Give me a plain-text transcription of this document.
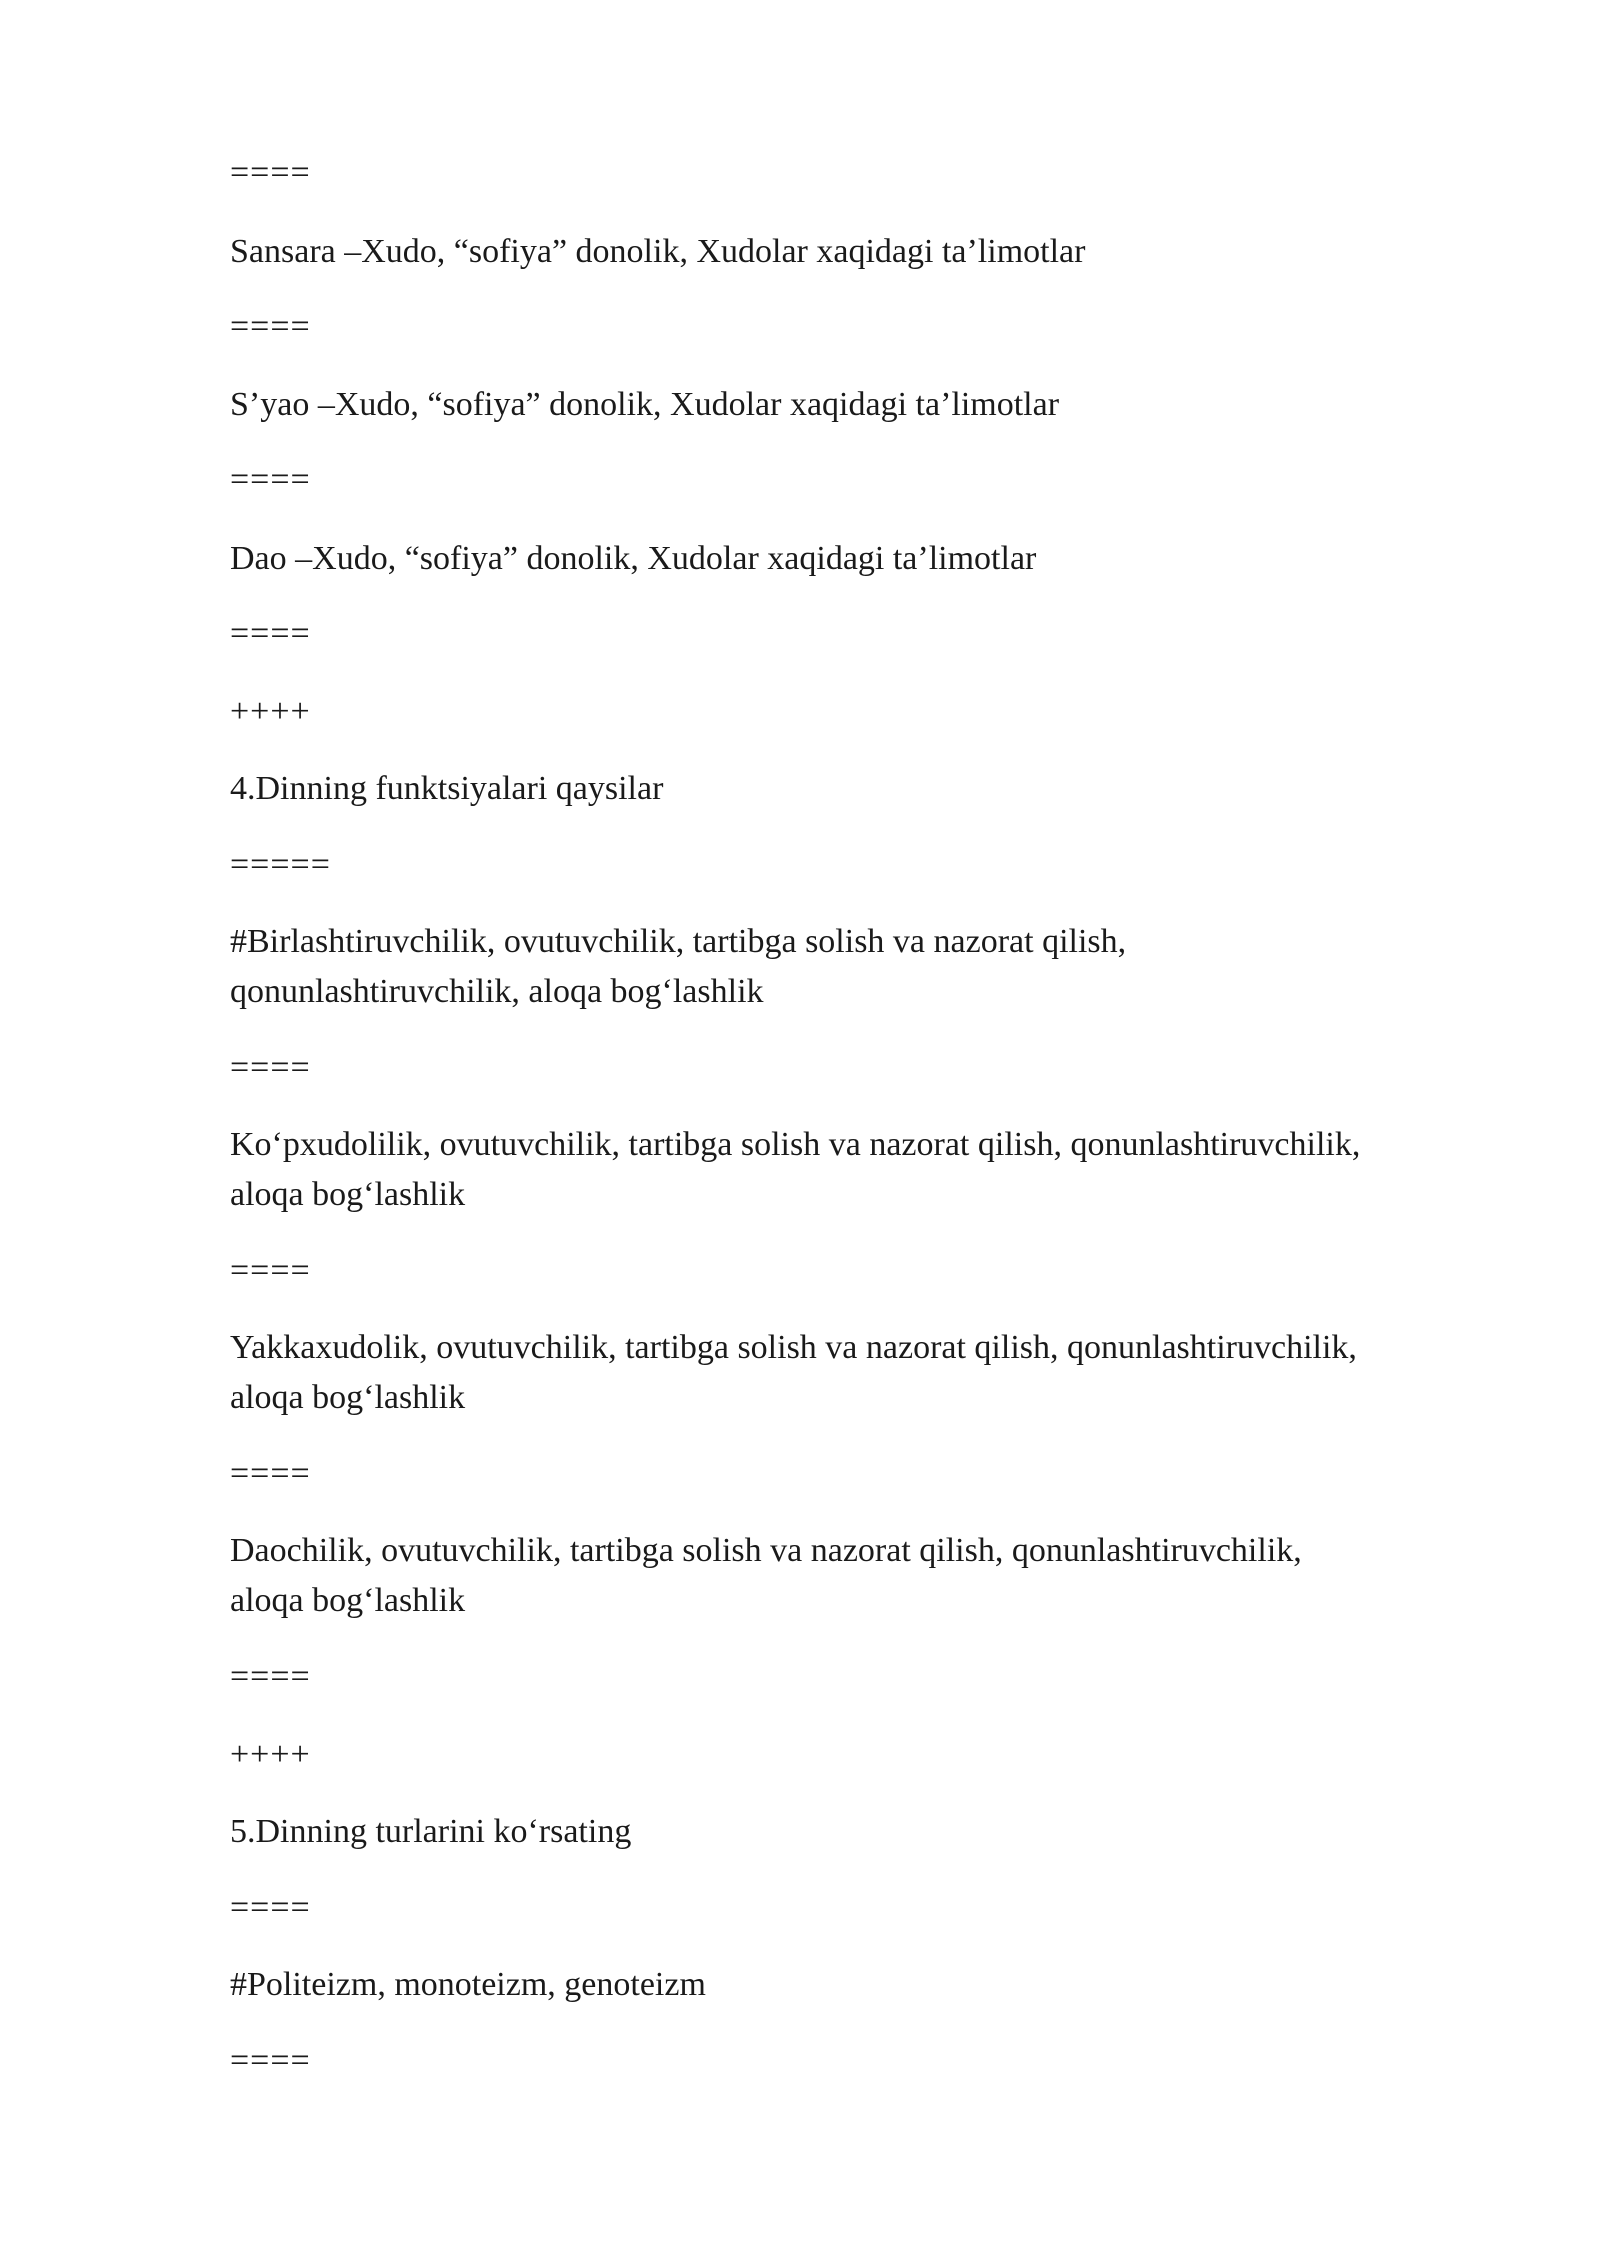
====

Sansara –Xudo, “sofiya” donolik, Xudolar xaqidagi ta’limotlar

====

S’yao –Xudo, “sofiya” donolik, Xudolar xaqidagi ta’limotlar

====

Dao –Xudo, “sofiya” donolik, Xudolar xaqidagi ta’limotlar

====

++++

4.Dinning funktsiyalari qaysilar

=====

#Birlashtiruvchilik, ovutuvchilik, tartibga solish va nazorat qilish,

qonunlashtiruvchilik, aloqa bog‘lashlik

====

Ko‘pxudolilik, ovutuvchilik, tartibga solish va nazorat qilish, qonunlashtiruvchilik,

aloqa bog‘lashlik

====

Yakkaxudolik, ovutuvchilik, tartibga solish va nazorat qilish, qonunlashtiruvchilik,

aloqa bog‘lashlik

====

Daochilik, ovutuvchilik, tartibga solish va nazorat qilish, qonunlashtiruvchilik,

aloqa bog‘lashlik

====

++++

5.Dinning turlarini ko‘rsating

====

#Politeizm, monoteizm, genoteizm

====
